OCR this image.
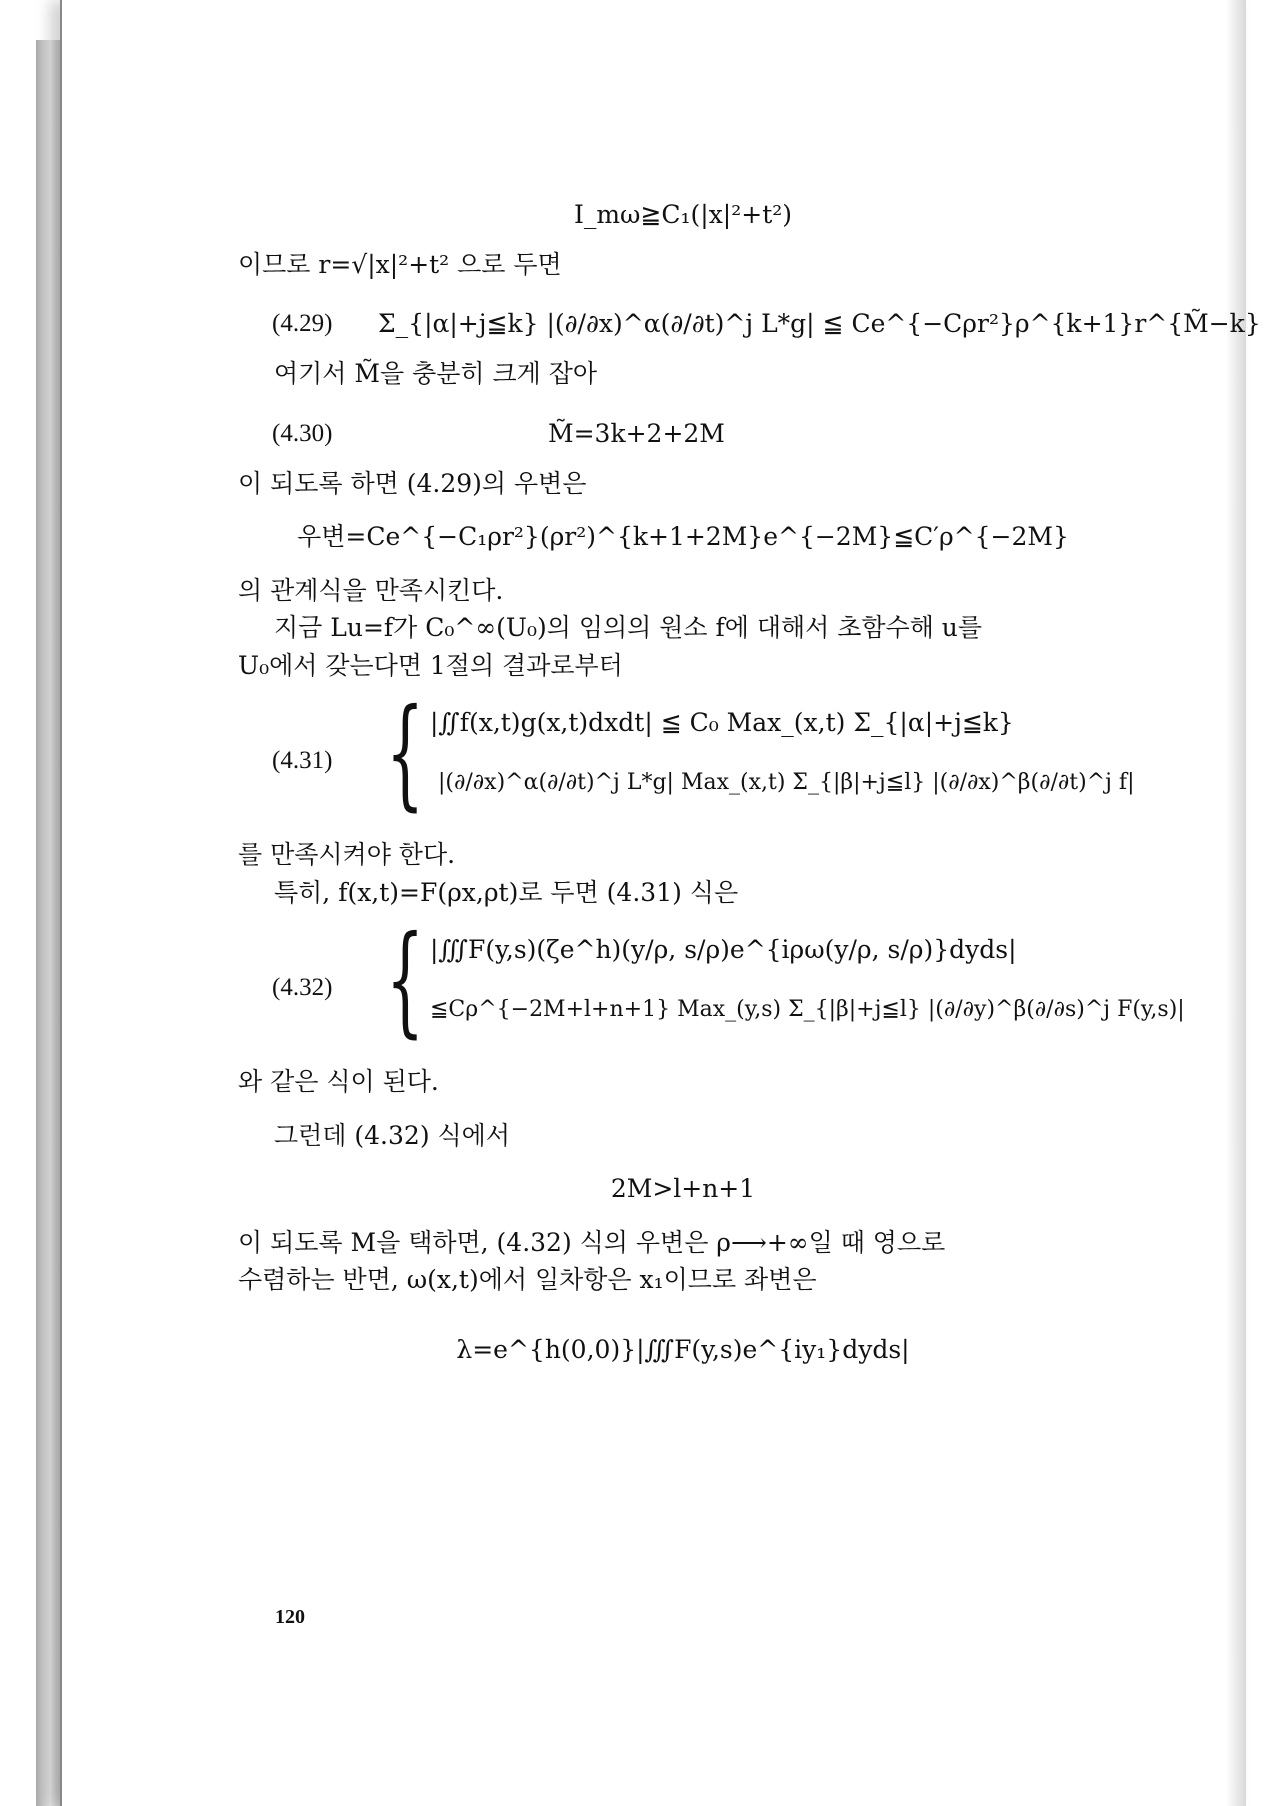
I_mω≧C₁(|x|²+t²)
이므로 r=√|x|²+t² 으로 두면
(4.29) Σ_{|α|+j≦k} |(∂/∂x)^α(∂/∂t)^j L*g| ≦ Ce^{−Cρr²}ρ^{k+1}r^{M̃−k}
여기서 M̃을 충분히 크게 잡아
(4.30)	M̃=3k+2+2M
이 되도록 하면 (4.29)의 우변은
우변=Ce^{−C₁ρr²}(ρr²)^{k+1+2M}e^{−2M}≦C′ρ^{−2M}
의 관계식을 만족시킨다.
지금 Lu=f가 C₀^∞(U₀)의 임의의 원소 f에 대해서 초함수해 u를
U₀에서 갖는다면 1절의 결과로부터
(4.31) { |∬f(x,t)g(x,t)dxdt| ≦ C₀ Max_(x,t) Σ_{|α|+j≦k}
|(∂/∂x)^α(∂/∂t)^j L*g| Max_(x,t) Σ_{|β|+j≦l} |(∂/∂x)^β(∂/∂t)^j f|
를 만족시켜야 한다.
특히, f(x,t)=F(ρx,ρt)로 두면 (4.31) 식은
(4.32) { |∭F(y,s)(ζe^h)(y/ρ, s/ρ)e^{iρω(y/ρ, s/ρ)}dyds|
≦Cρ^{−2M+l+n+1} Max_(y,s) Σ_{|β|+j≦l} |(∂/∂y)^β(∂/∂s)^j F(y,s)|
와 같은 식이 된다.
그런데 (4.32) 식에서
2M>l+n+1
이 되도록 M을 택하면, (4.32) 식의 우변은 ρ⟶+∞일 때 영으로
수렴하는 반면, ω(x,t)에서 일차항은 x₁이므로 좌변은
λ=e^{h(0,0)}|∭F(y,s)e^{iy₁}dyds|
120
